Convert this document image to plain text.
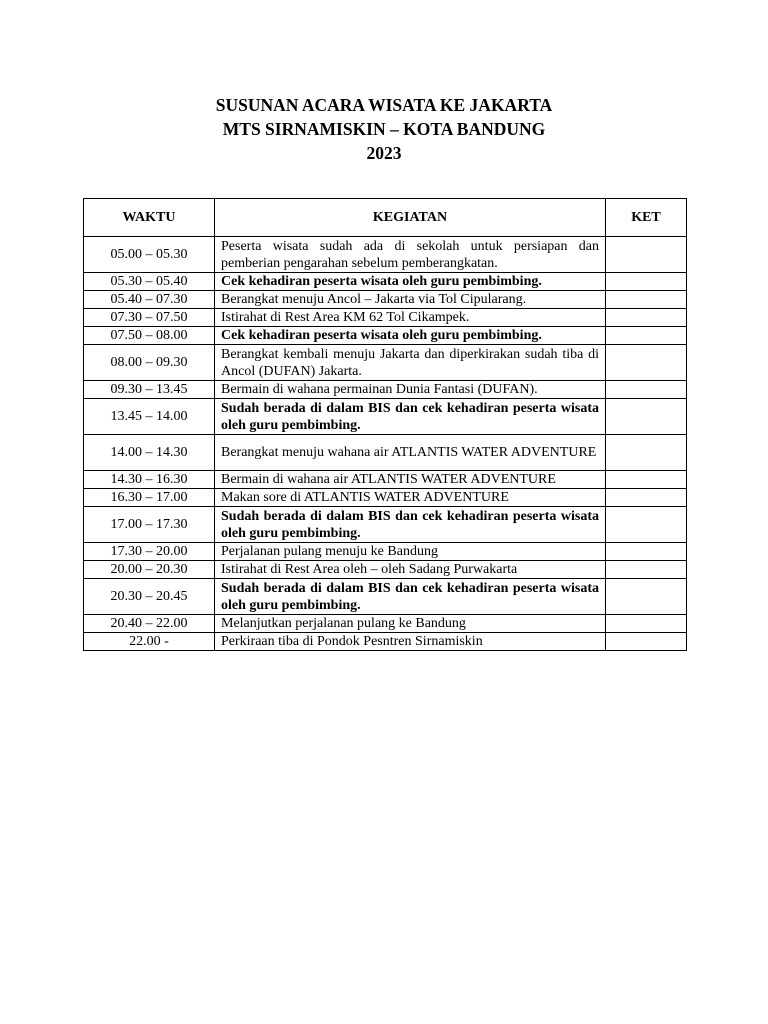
SUSUNAN ACARA WISATA KE JAKARTA
MTS SIRNAMISKIN – KOTA BANDUNG
2023
WAKTU	KEGIATAN	KET
05.00 – 05.30	Peserta wisata sudah ada di sekolah untuk persiapan dan pemberian pengarahan sebelum pemberangkatan.	
05.30 – 05.40	Cek kehadiran peserta wisata oleh guru pembimbing.	
05.40 – 07.30	Berangkat menuju Ancol – Jakarta via Tol Cipularang.	
07.30 – 07.50	Istirahat di Rest Area KM 62 Tol Cikampek.	
07.50 – 08.00	Cek kehadiran peserta wisata oleh guru pembimbing.	
08.00 – 09.30	Berangkat kembali menuju Jakarta dan diperkirakan sudah tiba di Ancol (DUFAN) Jakarta.	
09.30 – 13.45	Bermain di wahana permainan Dunia Fantasi (DUFAN).	
13.45 – 14.00	Sudah berada di dalam BIS dan cek kehadiran peserta wisata oleh guru pembimbing.	
14.00 – 14.30	Berangkat menuju wahana air ATLANTIS WATER ADVENTURE	
14.30 – 16.30	Bermain di wahana air ATLANTIS WATER ADVENTURE	
16.30 – 17.00	Makan sore di ATLANTIS WATER ADVENTURE	
17.00 – 17.30	Sudah berada di dalam BIS dan cek kehadiran peserta wisata oleh guru pembimbing.	
17.30 – 20.00	Perjalanan pulang menuju ke Bandung	
20.00 – 20.30	Istirahat di Rest Area oleh – oleh Sadang Purwakarta	
20.30 – 20.45	Sudah berada di dalam BIS dan cek kehadiran peserta wisata oleh guru pembimbing.	
20.40 – 22.00	Melanjutkan perjalanan pulang ke Bandung	
22.00 -	Perkiraan tiba di Pondok Pesntren Sirnamiskin	
